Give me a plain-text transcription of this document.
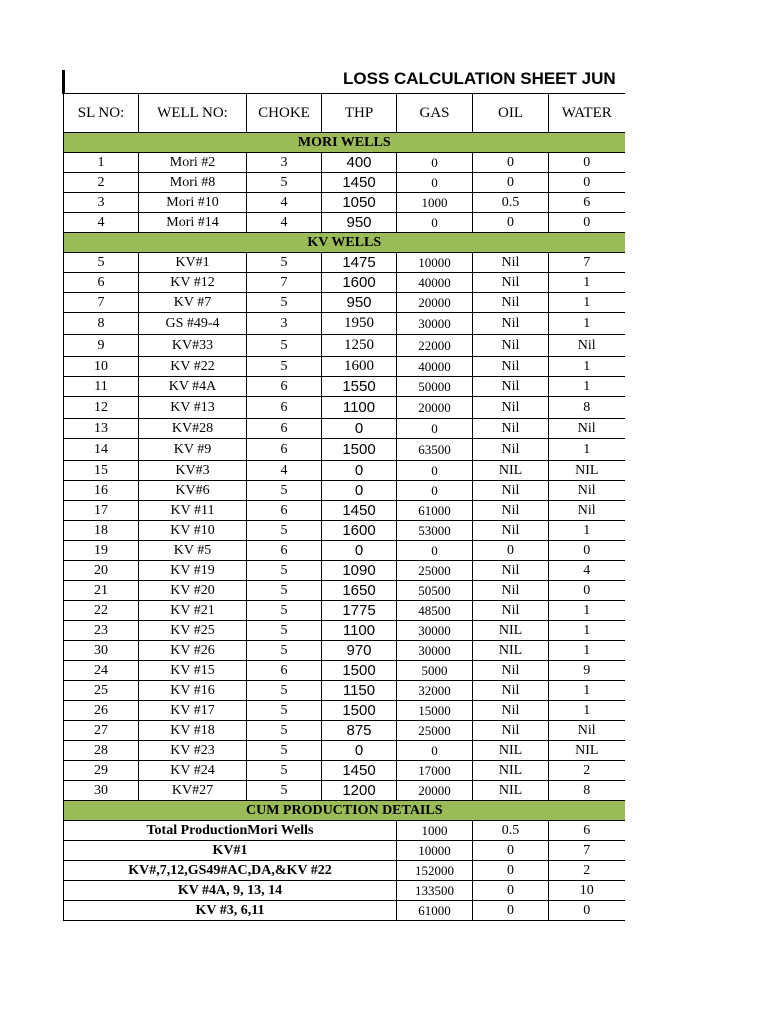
LOSS CALCULATION SHEET JUN
SL NO:	WELL NO:	CHOKE	THP	GAS	OIL	WATER
MORI WELLS						
1	Mori #2	3	400	0	0	0
2	Mori #8	5	1450	0	0	0
3	Mori #10	4	1050	1000	0.5	6
4	Mori #14	4	950	0	0	0
KV WELLS						
5	KV#1	5	1475	10000	Nil	7
6	KV #12	7	1600	40000	Nil	1
7	KV #7	5	950	20000	Nil	1
8	GS #49-4	3	1950	30000	Nil	1
9	KV#33	5	1250	22000	Nil	Nil
10	KV #22	5	1600	40000	Nil	1
11	KV #4A	6	1550	50000	Nil	1
12	KV #13	6	1100	20000	Nil	8
13	KV#28	6	0	0	Nil	Nil
14	KV #9	6	1500	63500	Nil	1
15	KV#3	4	0	0	NIL	NIL
16	KV#6	5	0	0	Nil	Nil
17	KV #11	6	1450	61000	Nil	Nil
18	KV #10	5	1600	53000	Nil	1
19	KV #5	6	0	0	0	0
20	KV #19	5	1090	25000	Nil	4
21	KV #20	5	1650	50500	Nil	0
22	KV #21	5	1775	48500	Nil	1
23	KV #25	5	1100	30000	NIL	1
30	KV #26	5	970	30000	NIL	1
24	KV #15	6	1500	5000	Nil	9
25	KV #16	5	1150	32000	Nil	1
26	KV #17	5	1500	15000	Nil	1
27	KV #18	5	875	25000	Nil	Nil
28	KV #23	5	0	0	NIL	NIL
29	KV #24	5	1450	17000	NIL	2
30	KV#27	5	1200	20000	NIL	8
CUM PRODUCTION DETAILS						
Total ProductionMori Wells				1000	0.5	6
KV#1				10000	0	7
KV#,7,12,GS49#AC,DA,&KV #22				152000	0	2
KV #4A, 9, 13, 14				133500	0	10
KV #3, 6,11				61000	0	0
